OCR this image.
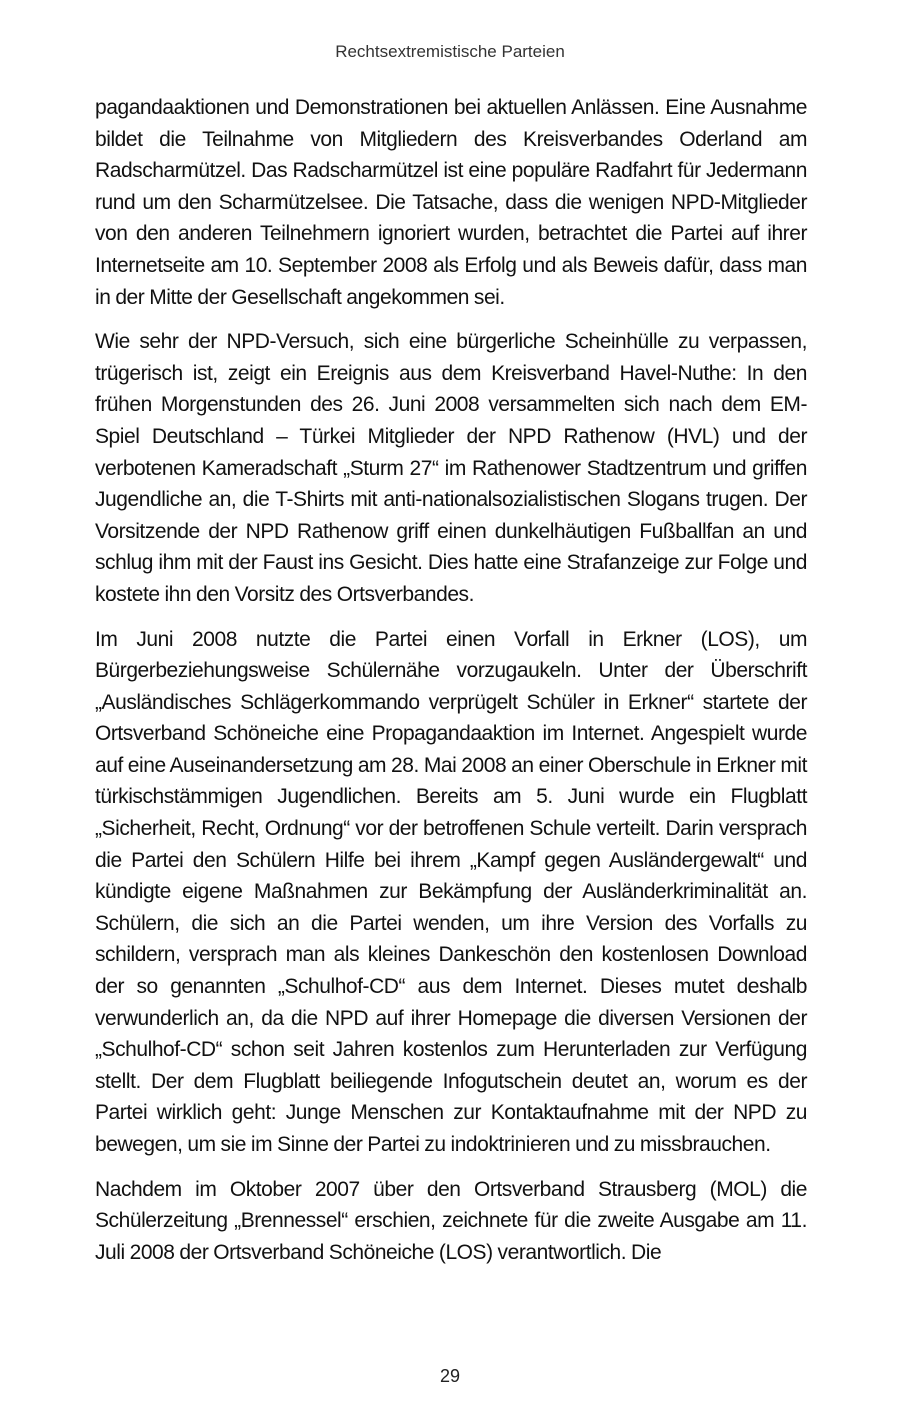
Rechtsextremistische Parteien

pagandaaktionen und Demonstrationen bei aktuellen Anlässen. Eine Ausnahme bildet die Teilnahme von Mitgliedern des Kreisverbandes Oderland am Radscharmützel. Das Radscharmützel ist eine populäre Radfahrt für Jedermann rund um den Scharmützelsee. Die Tatsache, dass die wenigen NPD-Mitglieder von den anderen Teilnehmern ignoriert wurden, betrachtet die Partei auf ihrer Internetseite am 10. September 2008 als Erfolg und als Beweis dafür, dass man in der Mitte der Gesellschaft angekommen sei.

Wie sehr der NPD-Versuch, sich eine bürgerliche Scheinhülle zu verpassen, trügerisch ist, zeigt ein Ereignis aus dem Kreisverband Havel-Nuthe: In den frühen Morgenstunden des 26. Juni 2008 versammelten sich nach dem EM-Spiel Deutschland – Türkei Mitglieder der NPD Rathenow (HVL) und der verbotenen Kameradschaft „Sturm 27“ im Rathenower Stadtzentrum und griffen Jugendliche an, die T-Shirts mit anti-nationalsozialistischen Slogans trugen. Der Vorsitzende der NPD Rathenow griff einen dunkelhäutigen Fußballfan an und schlug ihm mit der Faust ins Gesicht. Dies hatte eine Strafanzeige zur Folge und kostete ihn den Vorsitz des Ortsverbandes.

Im Juni 2008 nutzte die Partei einen Vorfall in Erkner (LOS), um Bürgerbeziehungsweise Schülernähe vorzugaukeln. Unter der Überschrift „Ausländisches Schlägerkommando verprügelt Schüler in Erkner“ startete der Ortsverband Schöneiche eine Propagandaaktion im Internet. Angespielt wurde auf eine Auseinandersetzung am 28. Mai 2008 an einer Oberschule in Erkner mit türkischstämmigen Jugendlichen. Bereits am 5. Juni wurde ein Flugblatt „Sicherheit, Recht, Ordnung“ vor der betroffenen Schule verteilt. Darin versprach die Partei den Schülern Hilfe bei ihrem „Kampf gegen Ausländergewalt“ und kündigte eigene Maßnahmen zur Bekämpfung der Ausländerkriminalität an. Schülern, die sich an die Partei wenden, um ihre Version des Vorfalls zu schildern, versprach man als kleines Dankeschön den kostenlosen Download der so genannten „Schulhof-CD“ aus dem Internet. Dieses mutet deshalb verwunderlich an, da die NPD auf ihrer Homepage die diversen Versionen der „Schulhof-CD“ schon seit Jahren kostenlos zum Herunterladen zur Verfügung stellt. Der dem Flugblatt beiliegende Infogutschein deutet an, worum es der Partei wirklich geht: Junge Menschen zur Kontaktaufnahme mit der NPD zu bewegen, um sie im Sinne der Partei zu indoktrinieren und zu missbrauchen.

Nachdem im Oktober 2007 über den Ortsverband Strausberg (MOL) die Schülerzeitung „Brennessel“ erschien, zeichnete für die zweite Ausgabe am 11. Juli 2008 der Ortsverband Schöneiche (LOS) verantwortlich. Die

29
